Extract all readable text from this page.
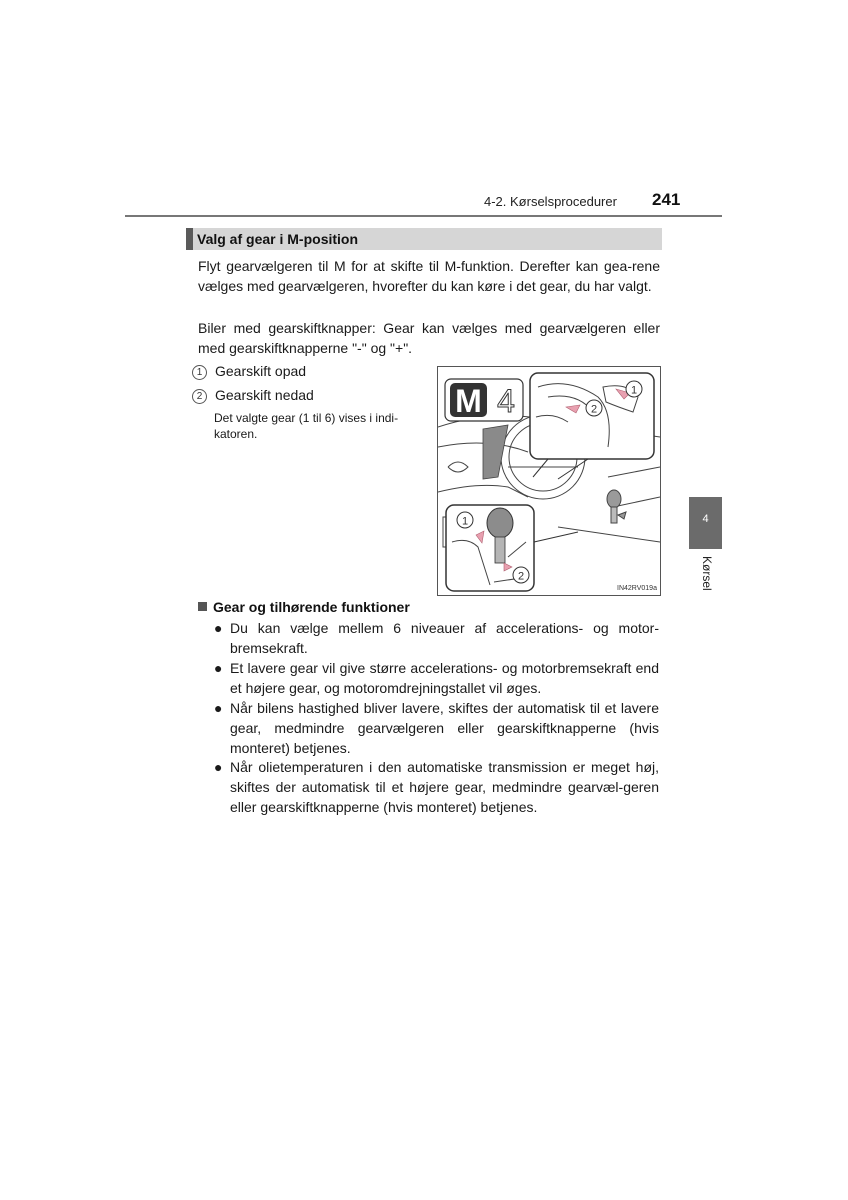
4-2. Kørselsprocedurer 241
4
Kørsel
Valg af gear i M-position
Flyt gearvælgeren til M for at skifte til M-funktion. Derefter kan gea-rene vælges med gearvælgeren, hvorefter du kan køre i det gear, du har valgt.
Biler med gearskiftknapper: Gear kan vælges med gearvælgeren eller med gearskiftknapperne "-" og "+".
1 Gearskift opad
2 Gearskift nedad
Det valgte gear (1 til 6) vises i indi-katoren.
M 4	1
2
1
2
IN42RV019a
Gear og tilhørende funktioner
● Du kan vælge mellem 6 niveauer af accelerations- og motor-bremsekraft.
● Et lavere gear vil give større accelerations- og motorbremsekraft end et højere gear, og motoromdrejningstallet vil øges.
● Når bilens hastighed bliver lavere, skiftes der automatisk til et lavere gear, medmindre gearvælgeren eller gearskiftknapperne (hvis monteret) betjenes.
● Når olietemperaturen i den automatiske transmission er meget høj, skiftes der automatisk til et højere gear, medmindre gearvæl-geren eller gearskiftknapperne (hvis monteret) betjenes.
